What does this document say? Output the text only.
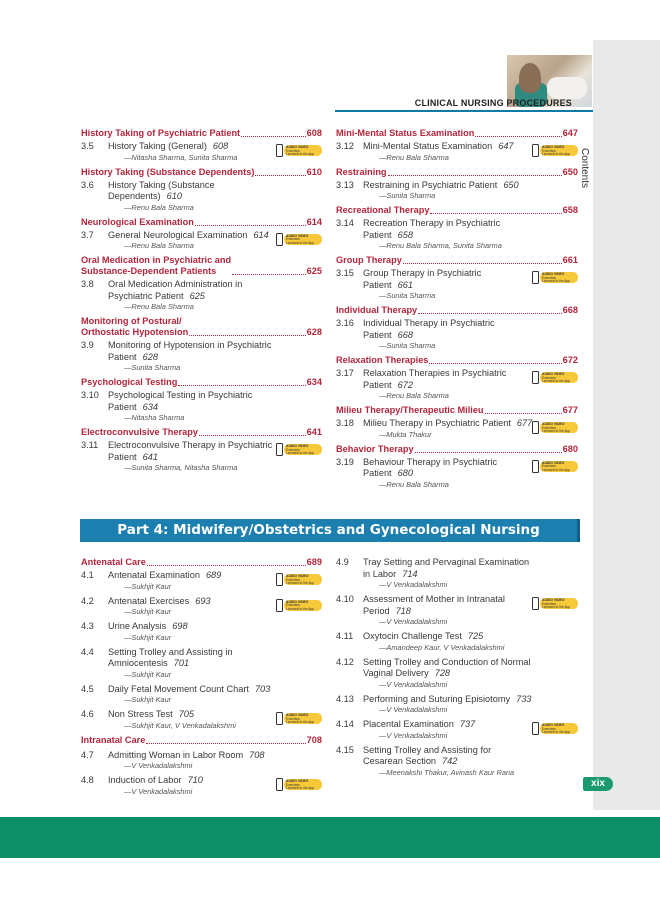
Contents
CLINICAL NURSING PROCEDURES
History Taking of Psychiatric Patient	608
3.5	History Taking (General) 608
—Nitasha Sharma, Sunita Sharma
AUDIO VIDEO
Exercises
Licensed to the App
History Taking (Substance Dependents)	610
3.6	History Taking (Substance Dependents) 610
—Renu Bala Sharma
Neurological Examination	614
3.7	General Neurological Examination 614
—Renu Bala Sharma
AUDIO VIDEO
Exercises
Licensed to the App
Oral Medication in Psychiatric and
Substance-Dependent Patients	625
3.8	Oral Medication Administration in Psychiatric Patient 625
—Renu Bala Sharma
Monitoring of Postural/
Orthostatic Hypotension	628
3.9	Monitoring of Hypotension in Psychiatric Patient 628
—Sunita Sharma
Psychological Testing	634
3.10 Psychological Testing in Psychiatric Patient 634
—Nitasha Sharma
Electroconvulsive Therapy	641
3.11	Electroconvulsive Therapy in Psychiatric Patient 641
—Sunita Sharma, Nitasha Sharma
AUDIO VIDEO
Exercises
Licensed to the App
Mini-Mental Status Examination	647
3.12 Mini-Mental Status Examination 647
—Renu Bala Sharma
AUDIO VIDEO
Exercises
Licensed to the App
Restraining	650
3.13 Restraining in Psychiatric Patient 650
—Sunita Sharma
Recreational Therapy	658
3.14 Recreation Therapy in Psychiatric Patient 658
—Renu Bala Sharma, Sunita Sharma
Group Therapy	661
3.15 Group Therapy in Psychiatric Patient 661
—Sunita Sharma
AUDIO VIDEO
Exercises
Licensed to the App
Individual Therapy	668
3.16 Individual Therapy in Psychiatric Patient 668
—Sunita Sharma
Relaxation Therapies	672
3.17 Relaxation Therapies in Psychiatric Patient 672
—Renu Bala Sharma
AUDIO VIDEO
Exercises
Licensed to the App
Milieu Therapy/Therapeutic Milieu	677
3.18 Milieu Therapy in Psychiatric Patient 677
—Mukta Thakur
AUDIO VIDEO
Exercises
Licensed to the App
Behavior Therapy	680
3.19 Behaviour Therapy in Psychiatric Patient 680
—Renu Bala Sharma
AUDIO VIDEO
Exercises
Licensed to the App
Part 4: Midwifery/Obstetrics and Gynecological Nursing
Antenatal Care	689
4.1	Antenatal Examination 689
—Sukhjit Kaur
AUDIO VIDEO
Exercises
Licensed to the App
4.2	Antenatal Exercises 693
—Sukhjit Kaur
AUDIO VIDEO
Exercises
Licensed to the App
4.3	Urine Analysis 698
—Sukhjit Kaur
4.4	Setting Trolley and Assisting in Amniocentesis 701
—Sukhjit Kaur
4.5	Daily Fetal Movement Count Chart 703
—Sukhjit Kaur
4.6	Non Stress Test 705
—Sukhjit Kaur, V Venkadalakshmi
AUDIO VIDEO
Exercises
Licensed to the App
Intranatal Care	708
4.7	Admitting Woman in Labor Room 708
—V Venkadalakshmi
4.8	Induction of Labor 710
—V Venkadalakshmi
AUDIO VIDEO
Exercises
Licensed to the App
4.9	Tray Setting and Pervaginal Examination in Labor 714
—V Venkadalakshmi
4.10 Assessment of Mother in Intranatal Period 718
—V Venkadalakshmi
AUDIO VIDEO
Exercises
Licensed to the App
4.11	Oxytocin Challenge Test 725
—Amandeep Kaur, V Venkadalakshmi
4.12 Setting Trolley and Conduction of Normal Vaginal Delivery 728
—V Venkadalakshmi
4.13 Performing and Suturing Episiotomy 733
—V Venkadalakshmi
4.14 Placental Examination 737
—V Venkadalakshmi
AUDIO VIDEO
Exercises
Licensed to the App
4.15 Setting Trolley and Assisting for Cesarean Section 742
—Meenakshi Thakur, Avinash Kaur Rana
xix
